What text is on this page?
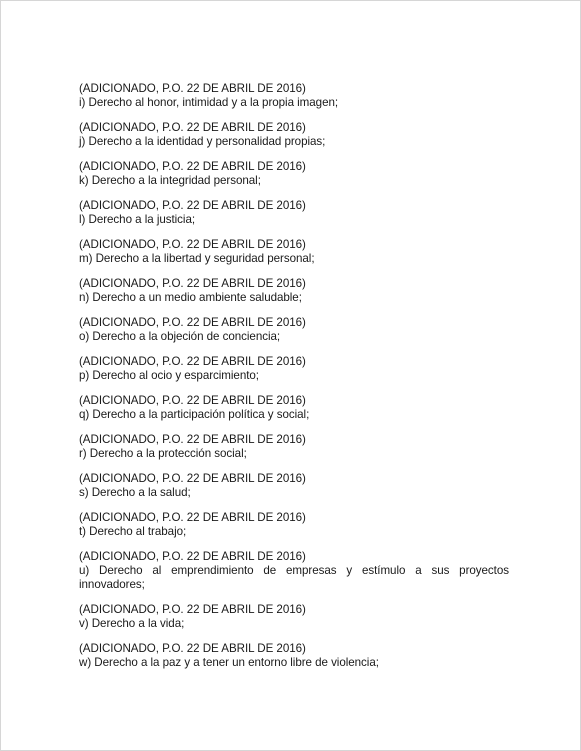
(ADICIONADO, P.O. 22 DE ABRIL DE 2016)
i) Derecho al honor, intimidad y a la propia imagen;
(ADICIONADO, P.O. 22 DE ABRIL DE 2016)
j) Derecho a la identidad y personalidad propias;
(ADICIONADO, P.O. 22 DE ABRIL DE 2016)
k) Derecho a la integridad personal;
(ADICIONADO, P.O. 22 DE ABRIL DE 2016)
l) Derecho a la justicia;
(ADICIONADO, P.O. 22 DE ABRIL DE 2016)
m) Derecho a la libertad y seguridad personal;
(ADICIONADO, P.O. 22 DE ABRIL DE 2016)
n) Derecho a un medio ambiente saludable;
(ADICIONADO, P.O. 22 DE ABRIL DE 2016)
o) Derecho a la objeción de conciencia;
(ADICIONADO, P.O. 22 DE ABRIL DE 2016)
p) Derecho al ocio y esparcimiento;
(ADICIONADO, P.O. 22 DE ABRIL DE 2016)
q) Derecho a la participación política y social;
(ADICIONADO, P.O. 22 DE ABRIL DE 2016)
r) Derecho a la protección social;
(ADICIONADO, P.O. 22 DE ABRIL DE 2016)
s) Derecho a la salud;
(ADICIONADO, P.O. 22 DE ABRIL DE 2016)
t) Derecho al trabajo;
(ADICIONADO, P.O. 22 DE ABRIL DE 2016)
u) Derecho al emprendimiento de empresas y estímulo a sus proyectos innovadores;
(ADICIONADO, P.O. 22 DE ABRIL DE 2016)
v) Derecho a la vida;
(ADICIONADO, P.O. 22 DE ABRIL DE 2016)
w) Derecho a la paz y a tener un entorno libre de violencia;
